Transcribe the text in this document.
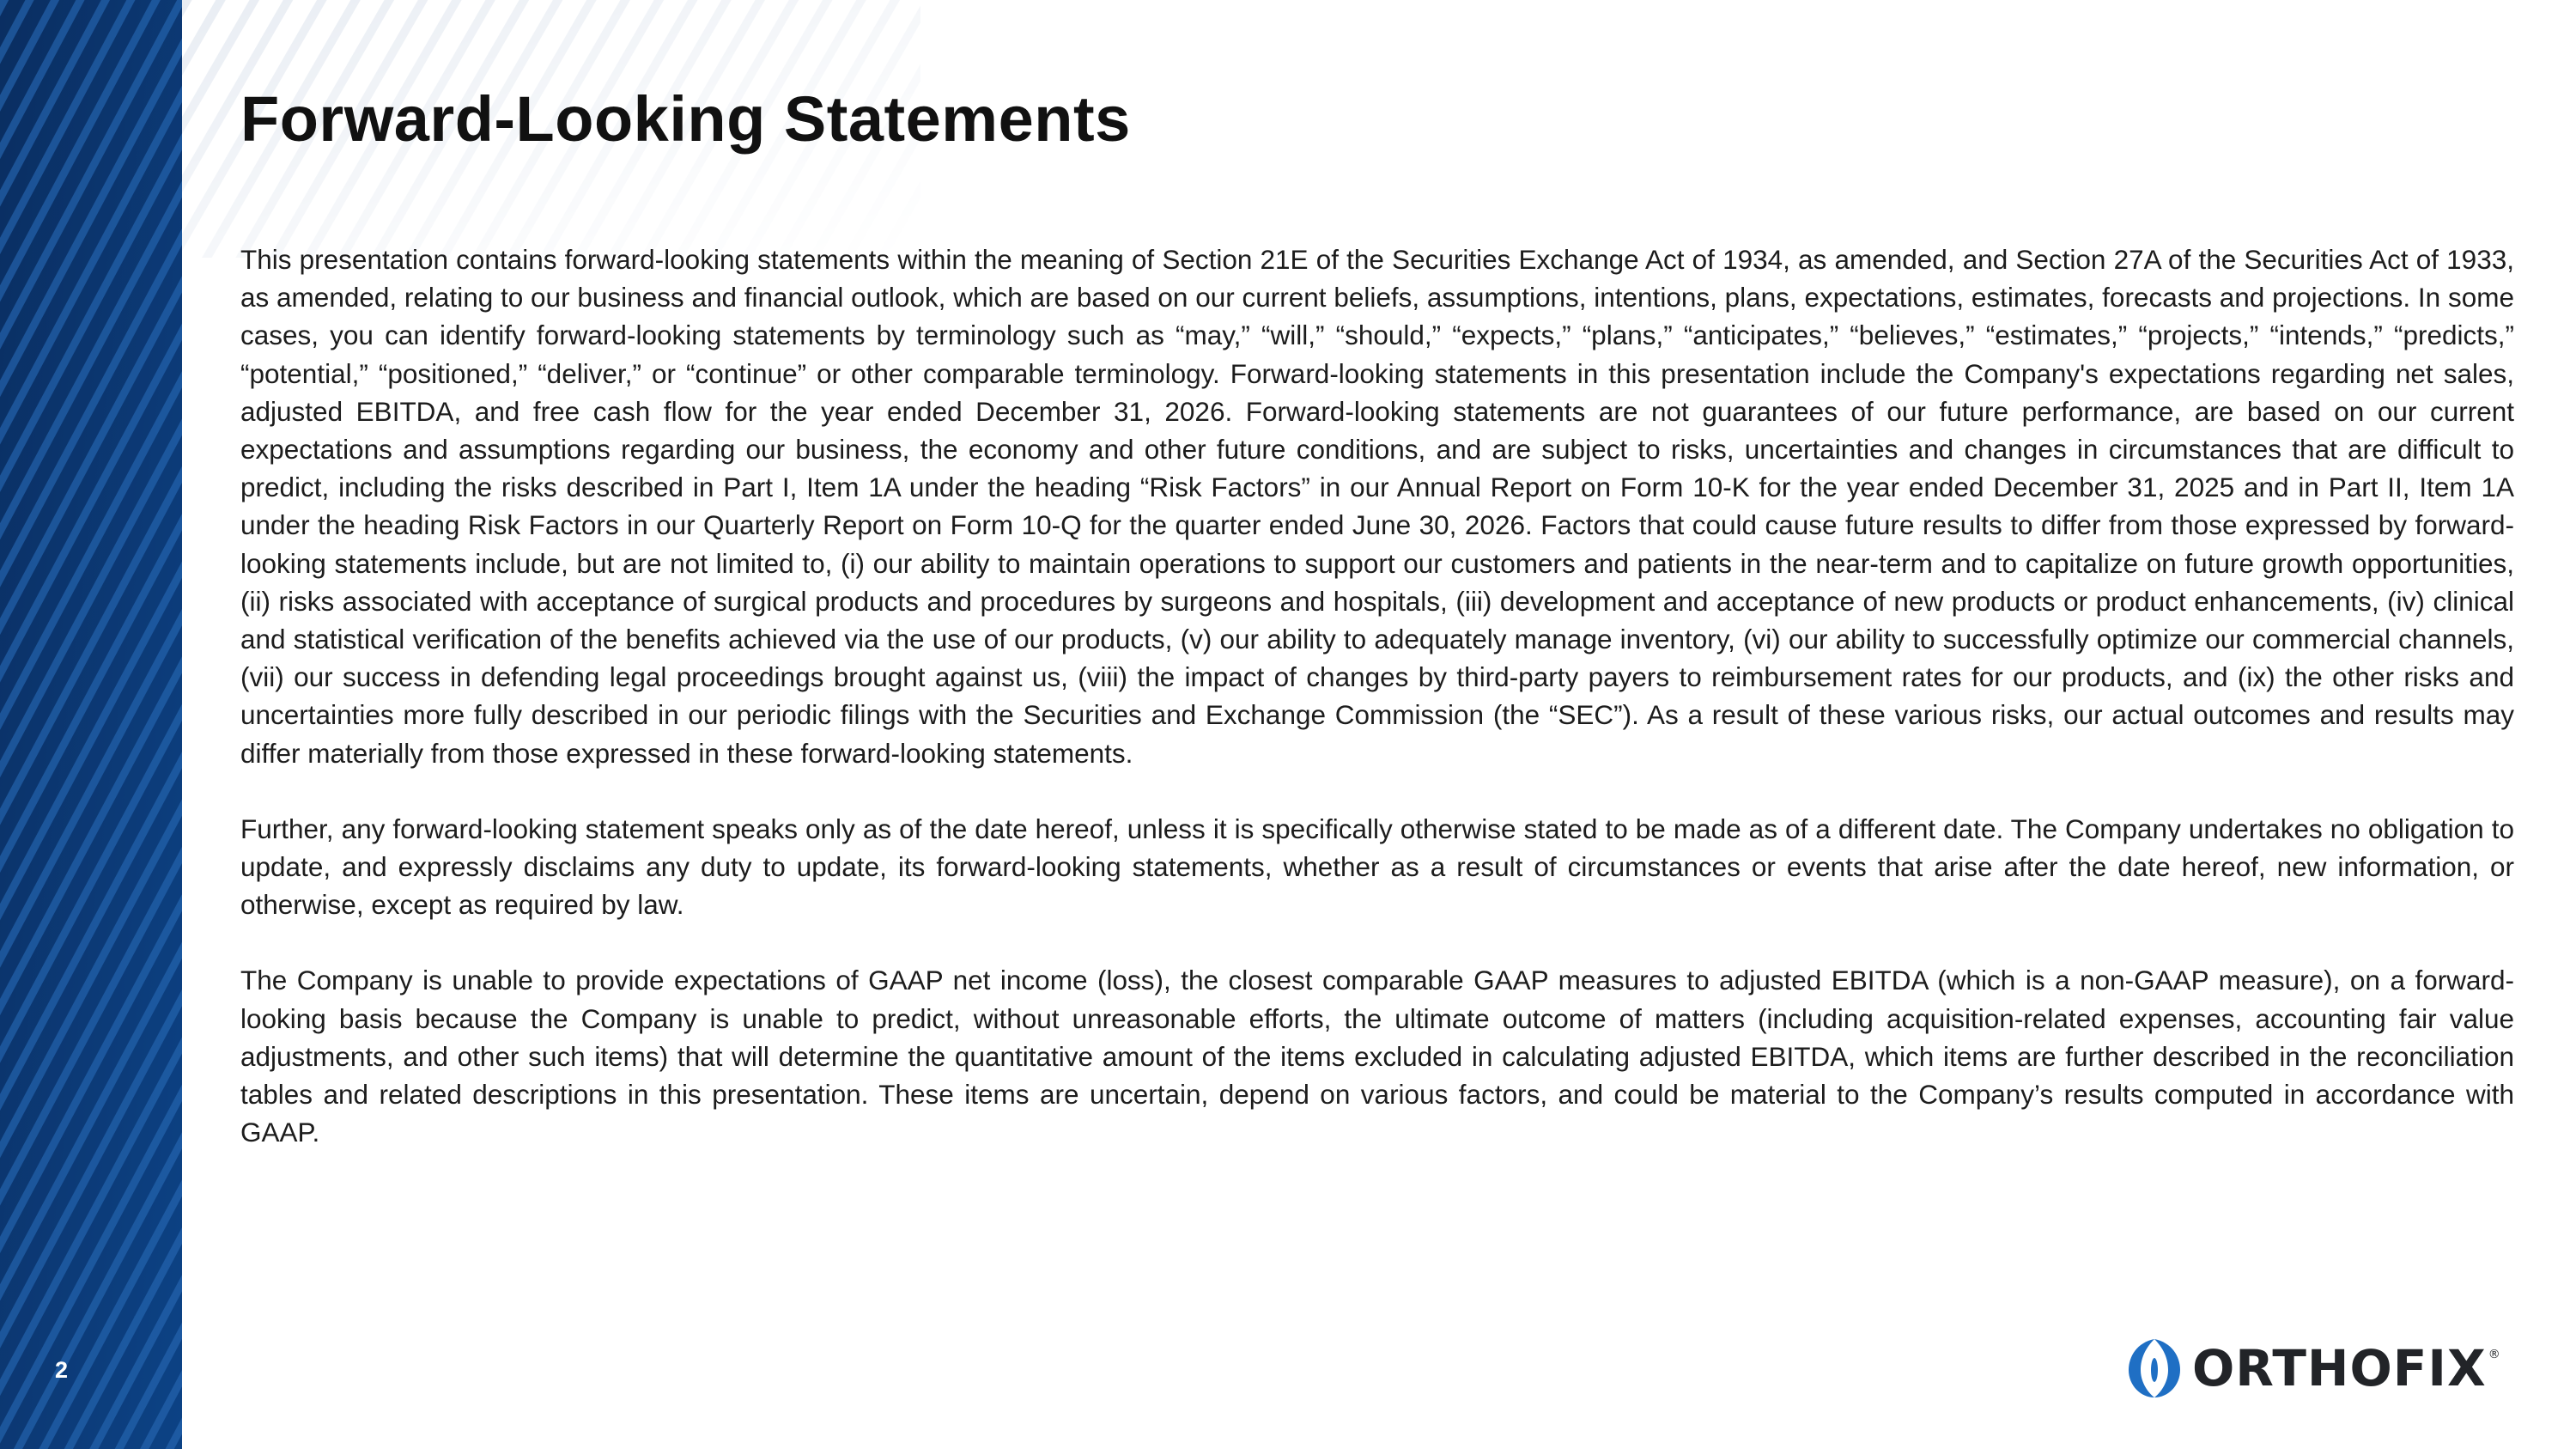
2
Forward-Looking Statements

This presentation contains forward-looking statements within the meaning of Section 21E of the Securities Exchange Act of 1934, as amended, and Section 27A of the Securities Act of 1933, as amended, relating to our business and financial outlook, which are based on our current beliefs, assumptions, intentions, plans, expectations, estimates, forecasts and projections. In some cases, you can identify forward-looking statements by terminology such as “may,” “will,” “should,” “expects,” “plans,” “anticipates,” “believes,” “estimates,” “projects,” “intends,” “predicts,” “potential,” “positioned,” “deliver,” or “continue” or other comparable terminology. Forward-looking statements in this presentation include the Company's expectations regarding net sales, adjusted EBITDA, and free cash flow for the year ended December 31, 2026. Forward-looking statements are not guarantees of our future performance, are based on our current expectations and assumptions regarding our business, the economy and other future conditions, and are subject to risks, uncertainties and changes in circumstances that are difficult to predict, including the risks described in Part I, Item 1A under the heading “Risk Factors” in our Annual Report on Form 10-K for the year ended December 31, 2025 and in Part II, Item 1A under the heading Risk Factors in our Quarterly Report on Form 10-Q for the quarter ended June 30, 2026. Factors that could cause future results to differ from those expressed by forward-looking statements include, but are not limited to, (i) our ability to maintain operations to support our customers and patients in the near-term and to capitalize on future growth opportunities, (ii) risks associated with acceptance of surgical products and procedures by surgeons and hospitals, (iii) development and acceptance of new products or product enhancements, (iv) clinical and statistical verification of the benefits achieved via the use of our products, (v) our ability to adequately manage inventory, (vi) our ability to successfully optimize our commercial channels, (vii) our success in defending legal proceedings brought against us, (viii) the impact of changes by third-party payers to reimbursement rates for our products, and (ix) the other risks and uncertainties more fully described in our periodic filings with the Securities and Exchange Commission (the “SEC”). As a result of these various risks, our actual outcomes and results may differ materially from those expressed in these forward-looking statements.

Further, any forward-looking statement speaks only as of the date hereof, unless it is specifically otherwise stated to be made as of a different date. The Company undertakes no obligation to update, and expressly disclaims any duty to update, its forward-looking statements, whether as a result of circumstances or events that arise after the date hereof, new information, or otherwise, except as required by law.

The Company is unable to provide expectations of GAAP net income (loss), the closest comparable GAAP measures to adjusted EBITDA (which is a non-GAAP measure), on a forward-looking basis because the Company is unable to predict, without unreasonable efforts, the ultimate outcome of matters (including acquisition-related expenses, accounting fair value adjustments, and other such items) that will determine the quantitative amount of the items excluded in calculating adjusted EBITDA, which items are further described in the reconciliation tables and related descriptions in this presentation. These items are uncertain, depend on various factors, and could be material to the Company’s results computed in accordance with GAAP.

ORTHOFIX ®
